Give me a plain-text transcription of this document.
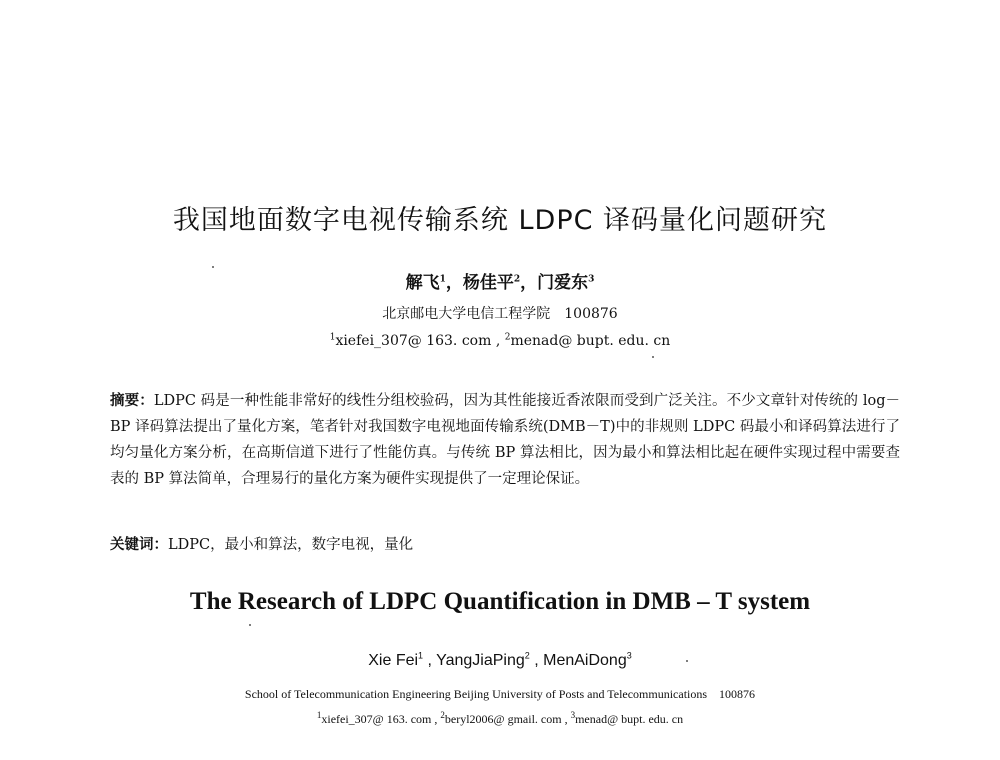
我国地面数字电视传输系统 LDPC 译码量化问题研究
解飞$^1$，杨佳平$^2$，门爱东$^3$
北京邮电大学电信工程学院　100876
$^1$xiefei_307@ 163. com , $^2$menad@ bupt. edu. cn
摘要：LDPC 码是一种性能非常好的线性分组校验码，因为其性能接近香浓限而受到广泛关注。不少文章针对传统的 log－BP 译码算法提出了量化方案，笔者针对我国数字电视地面传输系统(DMB－T)中的非规则 LDPC 码最小和译码算法进行了均匀量化方案分析，在高斯信道下进行了性能仿真。与传统 BP 算法相比，因为最小和算法相比起在硬件实现过程中需要查表的 BP 算法简单，合理易行的量化方案为硬件实现提供了一定理论保证。
关键词：LDPC，最小和算法，数字电视，量化
The Research of LDPC Quantification in DMB – T system
Xie Fei$^1$ , YangJiaPing$^2$ , MenAiDong$^3$
School of Telecommunication Engineering Beijing University of Posts and Telecommunications　100876
$^1$xiefei_307@ 163. com , $^2$beryl2006@ gmail. com , $^3$menad@ bupt. edu. cn
